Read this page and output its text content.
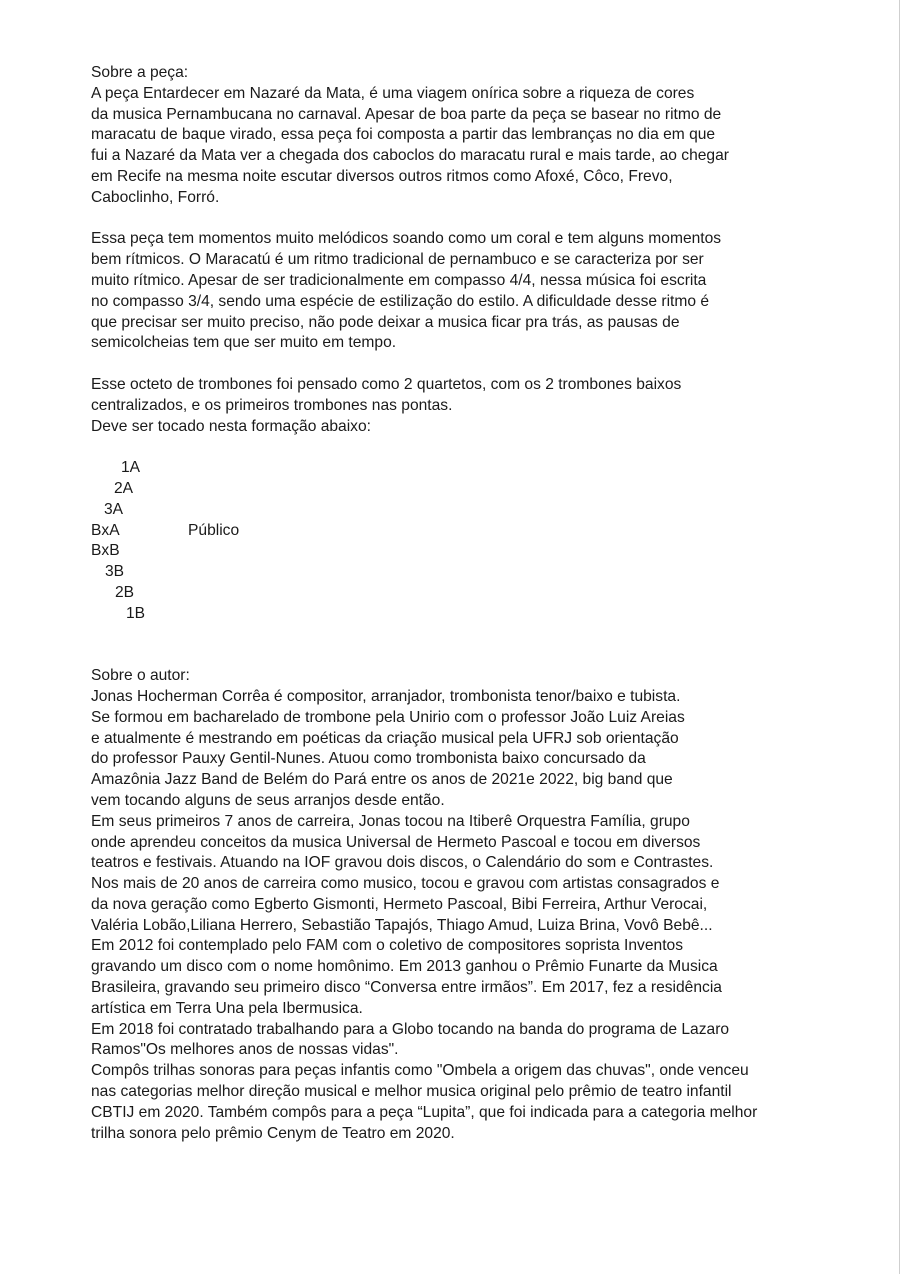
Sobre a peça:
A peça Entardecer em Nazaré da Mata, é uma viagem onírica sobre a riqueza de cores
da musica Pernambucana no carnaval. Apesar de boa parte da peça se basear no ritmo de
maracatu de baque virado, essa peça foi composta a partir das lembranças no dia em que
fui a Nazaré da Mata ver a chegada dos caboclos do maracatu rural e mais tarde, ao chegar
em Recife na mesma noite escutar diversos outros ritmos como Afoxé, Côco, Frevo,
Caboclinho, Forró.
Essa peça tem momentos muito melódicos soando como um coral e tem alguns momentos
bem rítmicos. O Maracatú é um ritmo tradicional de pernambuco e se caracteriza por ser
muito rítmico. Apesar de ser tradicionalmente em compasso 4/4, nessa música foi escrita
no compasso 3/4, sendo uma espécie de estilização do estilo. A dificuldade desse ritmo é
que precisar ser muito preciso, não pode deixar a musica ficar pra trás, as pausas de
semicolcheias tem que ser muito em tempo.
Esse octeto de trombones foi pensado como 2 quartetos, com os 2 trombones baixos
centralizados, e os primeiros trombones nas pontas.
Deve ser tocado nesta formação abaixo:
1A
2A
3A
BxA	Público
BxB
3B
2B
1B
Sobre o autor:
Jonas Hocherman Corrêa é compositor, arranjador, trombonista tenor/baixo e tubista.
Se formou em bacharelado de trombone pela Unirio com o professor João Luiz Areias
e atualmente é mestrando em poéticas da criação musical pela UFRJ sob orientação
do professor Pauxy Gentil-Nunes. Atuou como trombonista baixo concursado da
Amazônia Jazz Band de Belém do Pará entre os anos de 2021e 2022, big band que
vem tocando alguns de seus arranjos desde então.
Em seus primeiros 7 anos de carreira, Jonas tocou na Itiberê Orquestra Família, grupo
onde aprendeu conceitos da musica Universal de Hermeto Pascoal e tocou em diversos
teatros e festivais. Atuando na IOF gravou dois discos, o Calendário do som e Contrastes.
Nos mais de 20 anos de carreira como musico, tocou e gravou com artistas consagrados e
da nova geração como Egberto Gismonti, Hermeto Pascoal, Bibi Ferreira, Arthur Verocai,
Valéria Lobão,Liliana Herrero, Sebastião Tapajós, Thiago Amud, Luiza Brina, Vovô Bebê...
Em 2012 foi contemplado pelo FAM com o coletivo de compositores soprista Inventos
gravando um disco com o nome homônimo. Em 2013 ganhou o Prêmio Funarte da Musica
Brasileira, gravando seu primeiro disco “Conversa entre irmãos”. Em 2017, fez a residência
artística em Terra Una pela Ibermusica.
Em 2018 foi contratado trabalhando para a Globo tocando na banda do programa de Lazaro
Ramos"Os melhores anos de nossas vidas".
Compôs trilhas sonoras para peças infantis como "Ombela a origem das chuvas", onde venceu
nas categorias melhor direção musical e melhor musica original pelo prêmio de teatro infantil
CBTIJ em 2020. Também compôs para a peça “Lupita”, que foi indicada para a categoria melhor
trilha sonora pelo prêmio Cenym de Teatro em 2020.
